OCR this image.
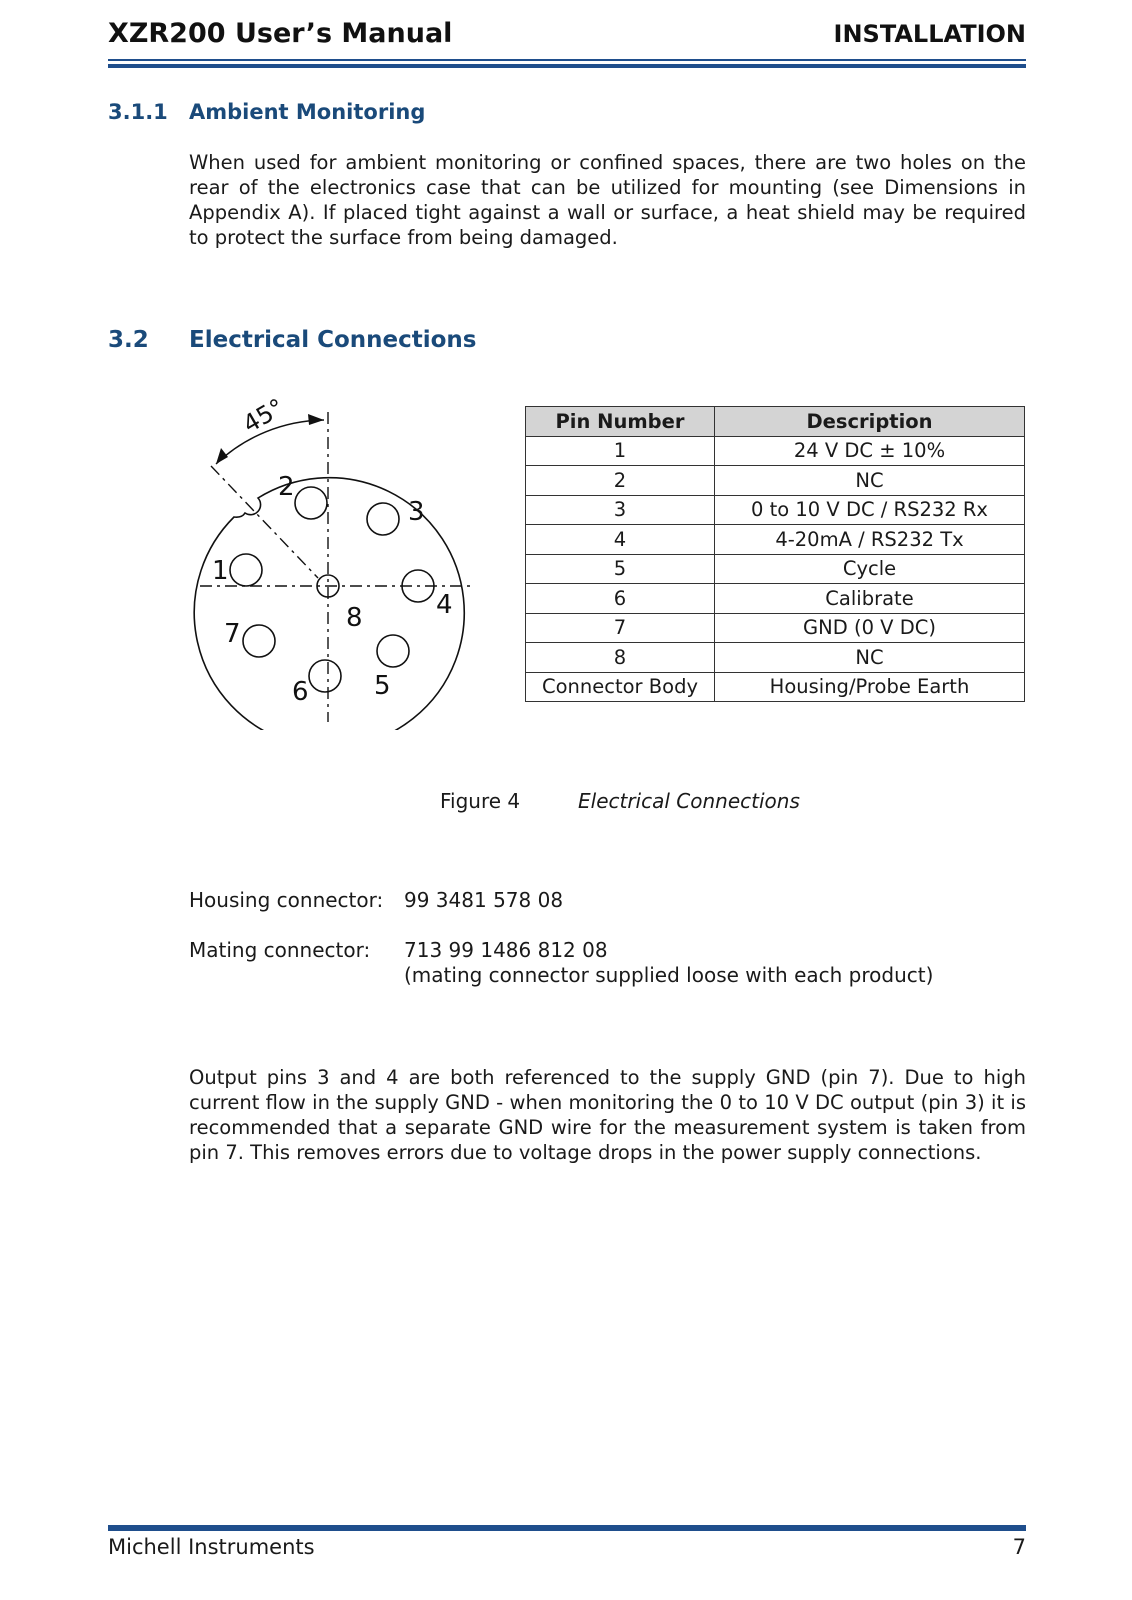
XZR200 User’s Manual	INSTALLATION
3.1.1 Ambient Monitoring
When used for ambient monitoring or confined spaces, there are two holes on the rear of the electronics case that can be utilized for mounting (see Dimensions in Appendix A). If placed tight against a wall or surface, a heat shield may be required to protect the surface from being damaged.
3.2 Electrical Connections
45°
1
2
3
4
5
6
7
8
Pin Number	Description
1	24 V DC ± 10%
2	NC
3	0 to 10 V DC / RS232 Rx
4	4-20mA / RS232 Tx
5	Cycle
6	Calibrate
7	GND (0 V DC)
8	NC
Connector Body	Housing/Probe Earth
Figure 4	Electrical Connections
Housing connector: 99 3481 578 08
Mating connector: 713 99 1486 812 08
(mating connector supplied loose with each product)
Output pins 3 and 4 are both referenced to the supply GND (pin 7). Due to high current flow in the supply GND - when monitoring the 0 to 10 V DC output (pin 3) it is recommended that a separate GND wire for the measurement system is taken from pin 7. This removes errors due to voltage drops in the power supply connections.
Michell Instruments	7
